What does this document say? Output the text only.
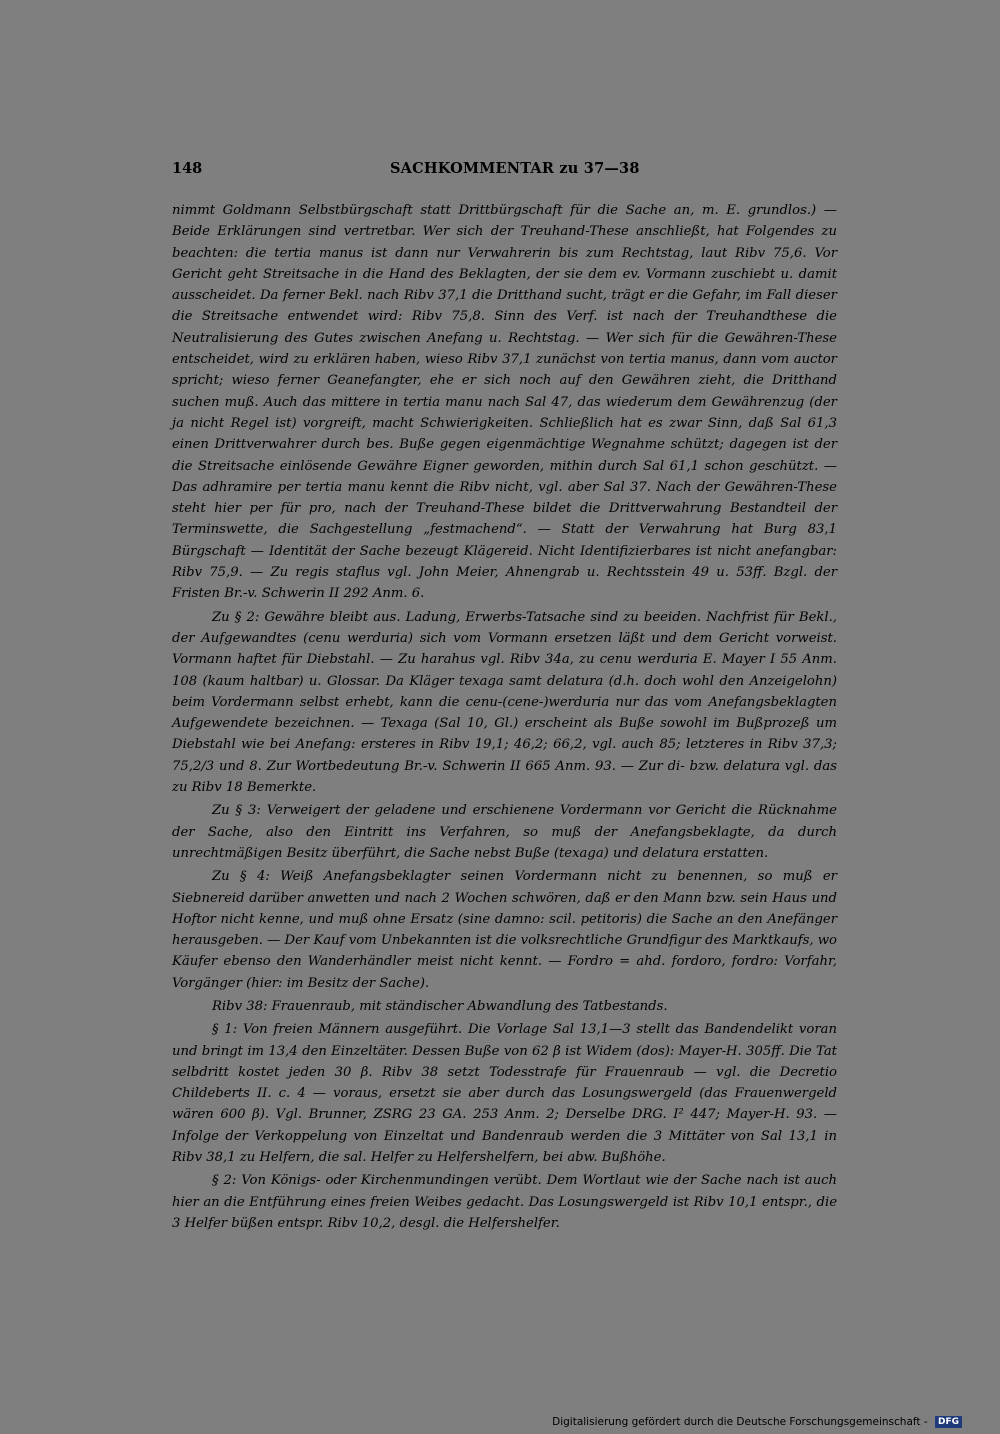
148	SACHKOMMENTAR zu 37—38

nimmt Goldmann Selbstbürgschaft statt Drittbürgschaft für die Sache an, m. E. grundlos.) — Beide Erklärungen sind vertretbar. Wer sich der Treuhand-These anschließt, hat Folgendes zu beachten: die tertia manus ist dann nur Verwahrerin bis zum Rechtstag, laut Ribv 75,6. Vor Gericht geht Streitsache in die Hand des Beklagten, der sie dem ev. Vormann zuschiebt u. damit ausscheidet. Da ferner Bekl. nach Ribv 37,1 die Dritthand sucht, trägt er die Gefahr, im Fall dieser die Streitsache entwendet wird: Ribv 75,8. Sinn des Verf. ist nach der Treuhandthese die Neutralisierung des Gutes zwischen Anefang u. Rechtstag. — Wer sich für die Gewähren-These entscheidet, wird zu erklären haben, wieso Ribv 37,1 zunächst von tertia manus, dann vom auctor spricht; wieso ferner Geanefangter, ehe er sich noch auf den Gewähren zieht, die Dritthand suchen muß. Auch das mittere in tertia manu nach Sal 47, das wiederum dem Gewährenzug (der ja nicht Regel ist) vorgreift, macht Schwierigkeiten. Schließlich hat es zwar Sinn, daß Sal 61,3 einen Drittverwahrer durch bes. Buße gegen eigenmächtige Wegnahme schützt; dagegen ist der die Streitsache einlösende Gewähre Eigner geworden, mithin durch Sal 61,1 schon geschützt. — Das adhramire per tertia manu kennt die Ribv nicht, vgl. aber Sal 37. Nach der Gewähren-These steht hier per für pro, nach der Treuhand-These bildet die Drittverwahrung Bestandteil der Terminswette, die Sachgestellung „festmachend“. — Statt der Verwahrung hat Burg 83,1 Bürgschaft — Identität der Sache bezeugt Klägereid. Nicht Identifizierbares ist nicht anefangbar: Ribv 75,9. — Zu regis staflus vgl. John Meier, Ahnengrab u. Rechtsstein 49 u. 53ff. Bzgl. der Fristen Br.-v. Schwerin II 292 Anm. 6.

Zu § 2: Gewähre bleibt aus. Ladung, Erwerbs-Tatsache sind zu beeiden. Nachfrist für Bekl., der Aufgewandtes (cenu werduria) sich vom Vormann ersetzen läßt und dem Gericht vorweist. Vormann haftet für Diebstahl. — Zu harahus vgl. Ribv 34a, zu cenu werduria E. Mayer I 55 Anm. 108 (kaum haltbar) u. Glossar. Da Kläger texaga samt delatura (d.h. doch wohl den Anzeigelohn) beim Vordermann selbst erhebt, kann die cenu-(cene-)werduria nur das vom Anefangsbeklagten Aufgewendete bezeichnen. — Texaga (Sal 10, Gl.) erscheint als Buße sowohl im Bußprozeß um Diebstahl wie bei Anefang: ersteres in Ribv 19,1; 46,2; 66,2, vgl. auch 85; letzteres in Ribv 37,3; 75,2/3 und 8. Zur Wortbedeutung Br.-v. Schwerin II 665 Anm. 93. — Zur di- bzw. delatura vgl. das zu Ribv 18 Bemerkte.

Zu § 3: Verweigert der geladene und erschienene Vordermann vor Gericht die Rücknahme der Sache, also den Eintritt ins Verfahren, so muß der Anefangsbeklagte, da durch unrechtmäßigen Besitz überführt, die Sache nebst Buße (texaga) und delatura erstatten.

Zu § 4: Weiß Anefangsbeklagter seinen Vordermann nicht zu benennen, so muß er Siebnereid darüber anwetten und nach 2 Wochen schwören, daß er den Mann bzw. sein Haus und Hoftor nicht kenne, und muß ohne Ersatz (sine damno: scil. petitoris) die Sache an den Anefänger herausgeben. — Der Kauf vom Unbekannten ist die volksrechtliche Grundfigur des Marktkaufs, wo Käufer ebenso den Wanderhändler meist nicht kennt. — Fordro = ahd. fordoro, fordro: Vorfahr, Vorgänger (hier: im Besitz der Sache).

Ribv 38: Frauenraub, mit ständischer Abwandlung des Tatbestands.

§ 1: Von freien Männern ausgeführt. Die Vorlage Sal 13,1—3 stellt das Bandendelikt voran und bringt im 13,4 den Einzeltäter. Dessen Buße von 62 β ist Widem (dos): Mayer-H. 305ff. Die Tat selbdritt kostet jeden 30 β. Ribv 38 setzt Todesstrafe für Frauenraub — vgl. die Decretio Childeberts II. c. 4 — voraus, ersetzt sie aber durch das Losungswergeld (das Frauenwergeld wären 600 β). Vgl. Brunner, ZSRG 23 GA. 253 Anm. 2; Derselbe DRG. I² 447; Mayer-H. 93. — Infolge der Verkoppelung von Einzeltat und Bandenraub werden die 3 Mittäter von Sal 13,1 in Ribv 38,1 zu Helfern, die sal. Helfer zu Helfershelfern, bei abw. Bußhöhe.

§ 2: Von Königs- oder Kirchenmundingen verübt. Dem Wortlaut wie der Sache nach ist auch hier an die Entführung eines freien Weibes gedacht. Das Losungswergeld ist Ribv 10,1 entspr., die 3 Helfer büßen entspr. Ribv 10,2, desgl. die Helfershelfer.

Digitalisierung gefördert durch die Deutsche Forschungsgemeinschaft - DFG
